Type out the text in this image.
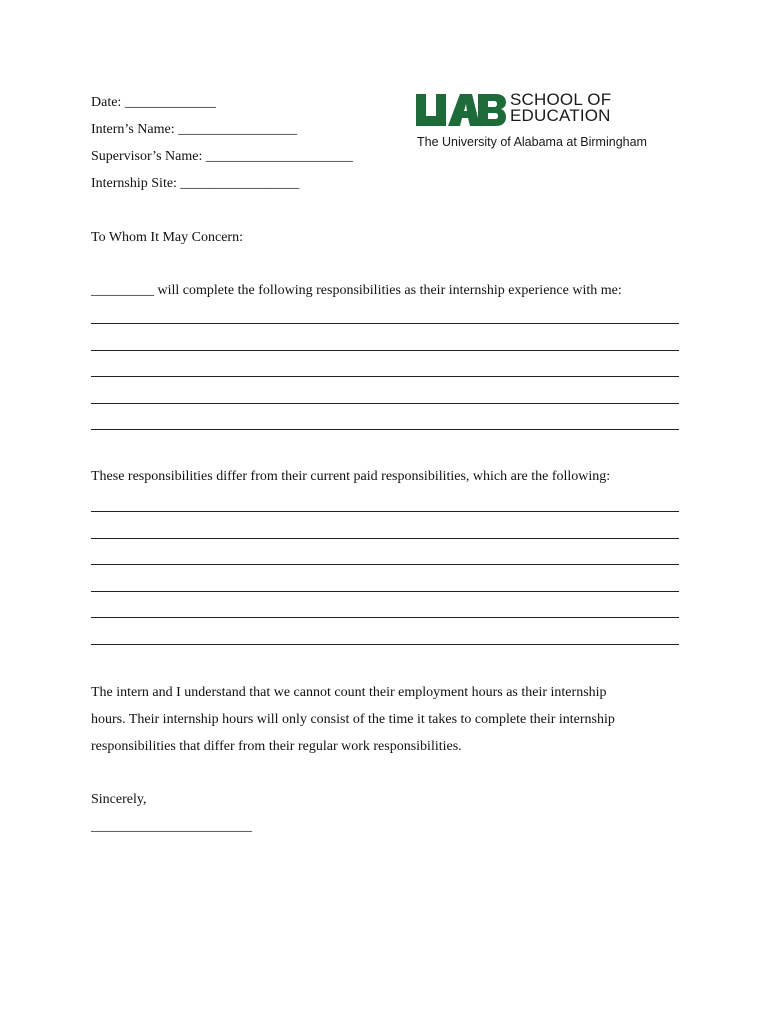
Date: _____________
Intern’s Name: _________________
Supervisor’s Name: _____________________
Internship Site: _________________
SCHOOL OF
EDUCATION
The University of Alabama at Birmingham
To Whom It May Concern:
_________ will complete the following responsibilities as their internship experience with me:
These responsibilities differ from their current paid responsibilities, which are the following:
The intern and I understand that we cannot count their employment hours as their internship
hours. Their internship hours will only consist of the time it takes to complete their internship
responsibilities that differ from their regular work responsibilities.
Sincerely,
_______________________
